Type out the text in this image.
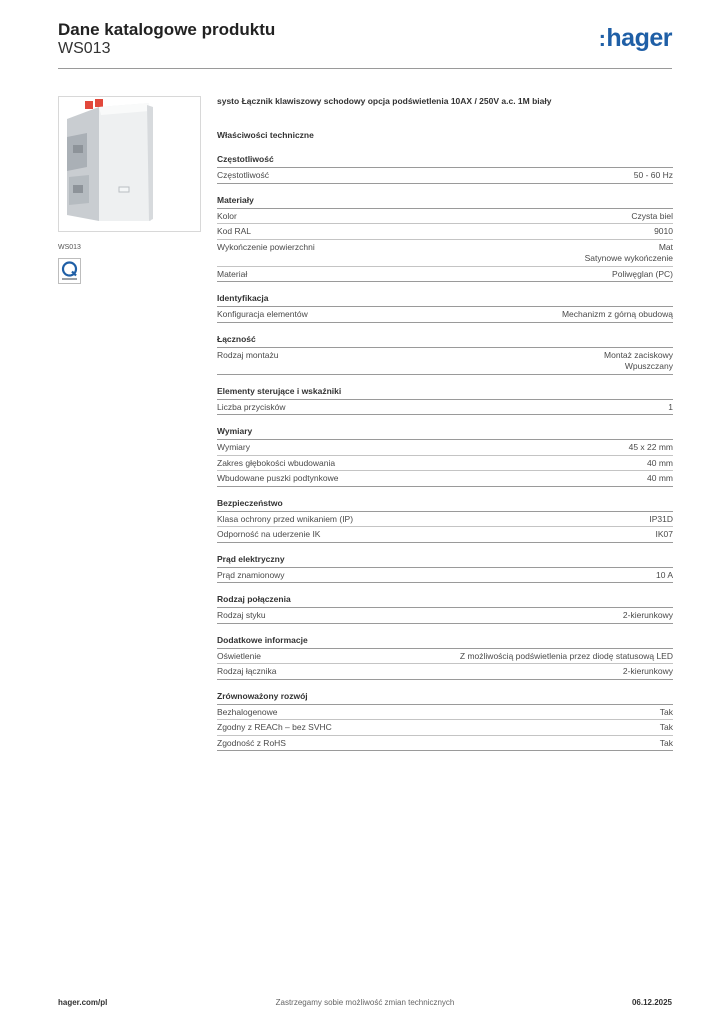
Dane katalogowe produktu
WS013	:hager
WS013
systo Łącznik klawiszowy schodowy opcja podświetlenia 10AX / 250V a.c. 1M biały
Właściwości techniczne
Częstotliwość
Częstotliwość	50 - 60 Hz
Materiały
Kolor	Czysta biel
Kod RAL	9010
Wykończenie powierzchni	Mat
Satynowe wykończenie
Materiał	Poliwęglan (PC)
Identyfikacja
Konfiguracja elementów	Mechanizm z górną obudową
Łączność
Rodzaj montażu	Montaż zaciskowy
Wpuszczany
Elementy sterujące i wskaźniki
Liczba przycisków	1
Wymiary
Wymiary	45 x 22 mm
Zakres głębokości wbudowania	40 mm
Wbudowane puszki podtynkowe	40 mm
Bezpieczeństwo
Klasa ochrony przed wnikaniem (IP)	IP31D
Odporność na uderzenie IK	IK07
Prąd elektryczny
Prąd znamionowy	10 A
Rodzaj połączenia
Rodzaj styku	2-kierunkowy
Dodatkowe informacje
Oświetlenie	Z możliwością podświetlenia przez diodę statusową LED
Rodzaj łącznika	2-kierunkowy
Zrównoważony rozwój
Bezhalogenowe	Tak
Zgodny z REACh – bez SVHC	Tak
Zgodność z RoHS	Tak
hager.com/pl	Zastrzegamy sobie możliwość zmian technicznych	06.12.2025
